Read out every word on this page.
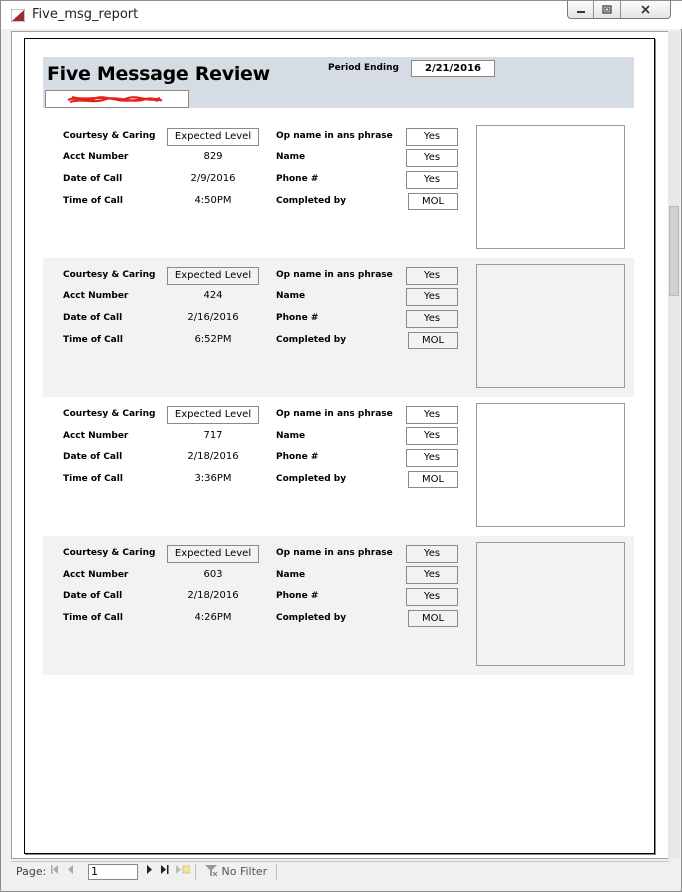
Five_msg_report
Five Message Review	Period Ending	2/21/2016
Courtesy & Caring	Expected Level
Acct Number	829
Date of Call	2/9/2016
Time of Call	4:50PM
Op name in ans phrase	Yes
Name	Yes
Phone #	Yes
Completed by	MOL
Courtesy & Caring	Expected Level
Acct Number	424
Date of Call	2/16/2016
Time of Call	6:52PM
Op name in ans phrase	Yes
Name	Yes
Phone #	Yes
Completed by	MOL
Courtesy & Caring	Expected Level
Acct Number	717
Date of Call	2/18/2016
Time of Call	3:36PM
Op name in ans phrase	Yes
Name	Yes
Phone #	Yes
Completed by	MOL
Courtesy & Caring	Expected Level
Acct Number	603
Date of Call	2/18/2016
Time of Call	4:26PM
Op name in ans phrase	Yes
Name	Yes
Phone #	Yes
Completed by	MOL
Page:	1	No Filter
